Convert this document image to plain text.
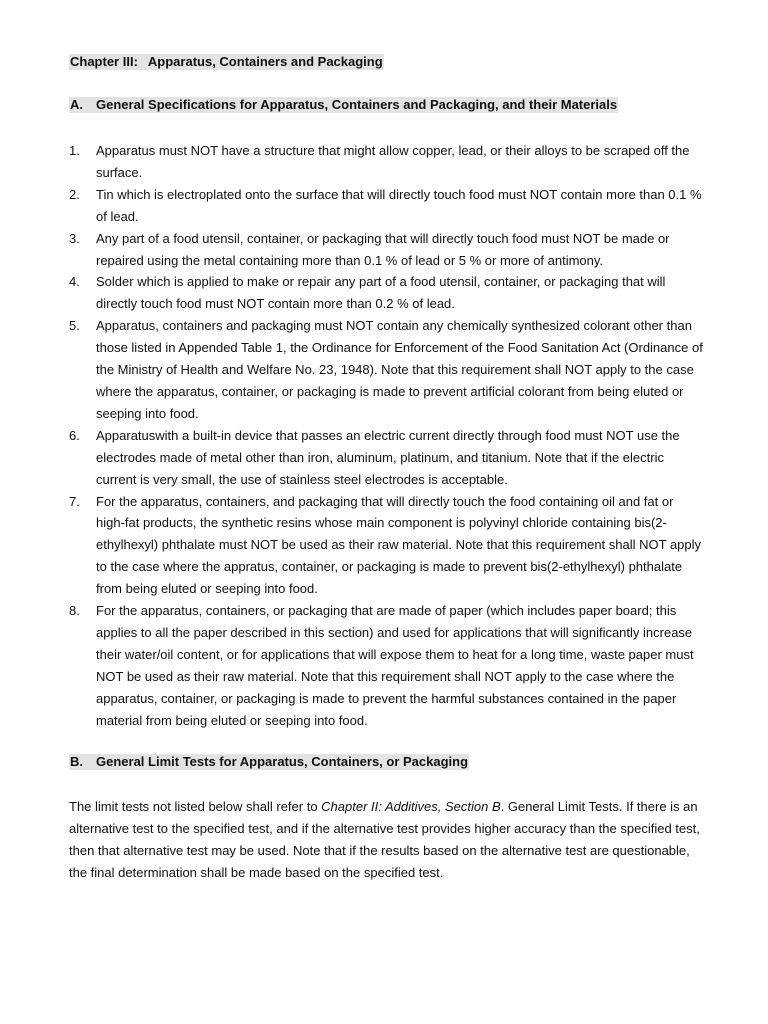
Chapter III: Apparatus, Containers and Packaging
A. General Specifications for Apparatus, Containers and Packaging, and their Materials
1. Apparatus must NOT have a structure that might allow copper, lead, or their alloys to be scraped off the surface.
2. Tin which is electroplated onto the surface that will directly touch food must NOT contain more than 0.1 % of lead.
3. Any part of a food utensil, container, or packaging that will directly touch food must NOT be made or repaired using the metal containing more than 0.1 % of lead or 5 % or more of antimony.
4. Solder which is applied to make or repair any part of a food utensil, container, or packaging that will directly touch food must NOT contain more than 0.2 % of lead.
5. Apparatus, containers and packaging must NOT contain any chemically synthesized colorant other than those listed in Appended Table 1, the Ordinance for Enforcement of the Food Sanitation Act (Ordinance of the Ministry of Health and Welfare No. 23, 1948). Note that this requirement shall NOT apply to the case where the apparatus, container, or packaging is made to prevent artificial colorant from being eluted or seeping into food.
6. Apparatuswith a built-in device that passes an electric current directly through food must NOT use the electrodes made of metal other than iron, aluminum, platinum, and titanium. Note that if the electric current is very small, the use of stainless steel electrodes is acceptable.
7. For the apparatus, containers, and packaging that will directly touch the food containing oil and fat or high-fat products, the synthetic resins whose main component is polyvinyl chloride containing bis(2-ethylhexyl) phthalate must NOT be used as their raw material. Note that this requirement shall NOT apply to the case where the appratus, container, or packaging is made to prevent bis(2-ethylhexyl) phthalate from being eluted or seeping into food.
8. For the apparatus, containers, or packaging that are made of paper (which includes paper board; this applies to all the paper described in this section) and used for applications that will significantly increase their water/oil content, or for applications that will expose them to heat for a long time, waste paper must NOT be used as their raw material. Note that this requirement shall NOT apply to the case where the apparatus, container, or packaging is made to prevent the harmful substances contained in the paper material from being eluted or seeping into food.
B. General Limit Tests for Apparatus, Containers, or Packaging

The limit tests not listed below shall refer to Chapter II: Additives, Section B. General Limit Tests. If there is an alternative test to the specified test, and if the alternative test provides higher accuracy than the specified test, then that alternative test may be used. Note that if the results based on the alternative test are questionable, the final determination shall be made based on the specified test.
